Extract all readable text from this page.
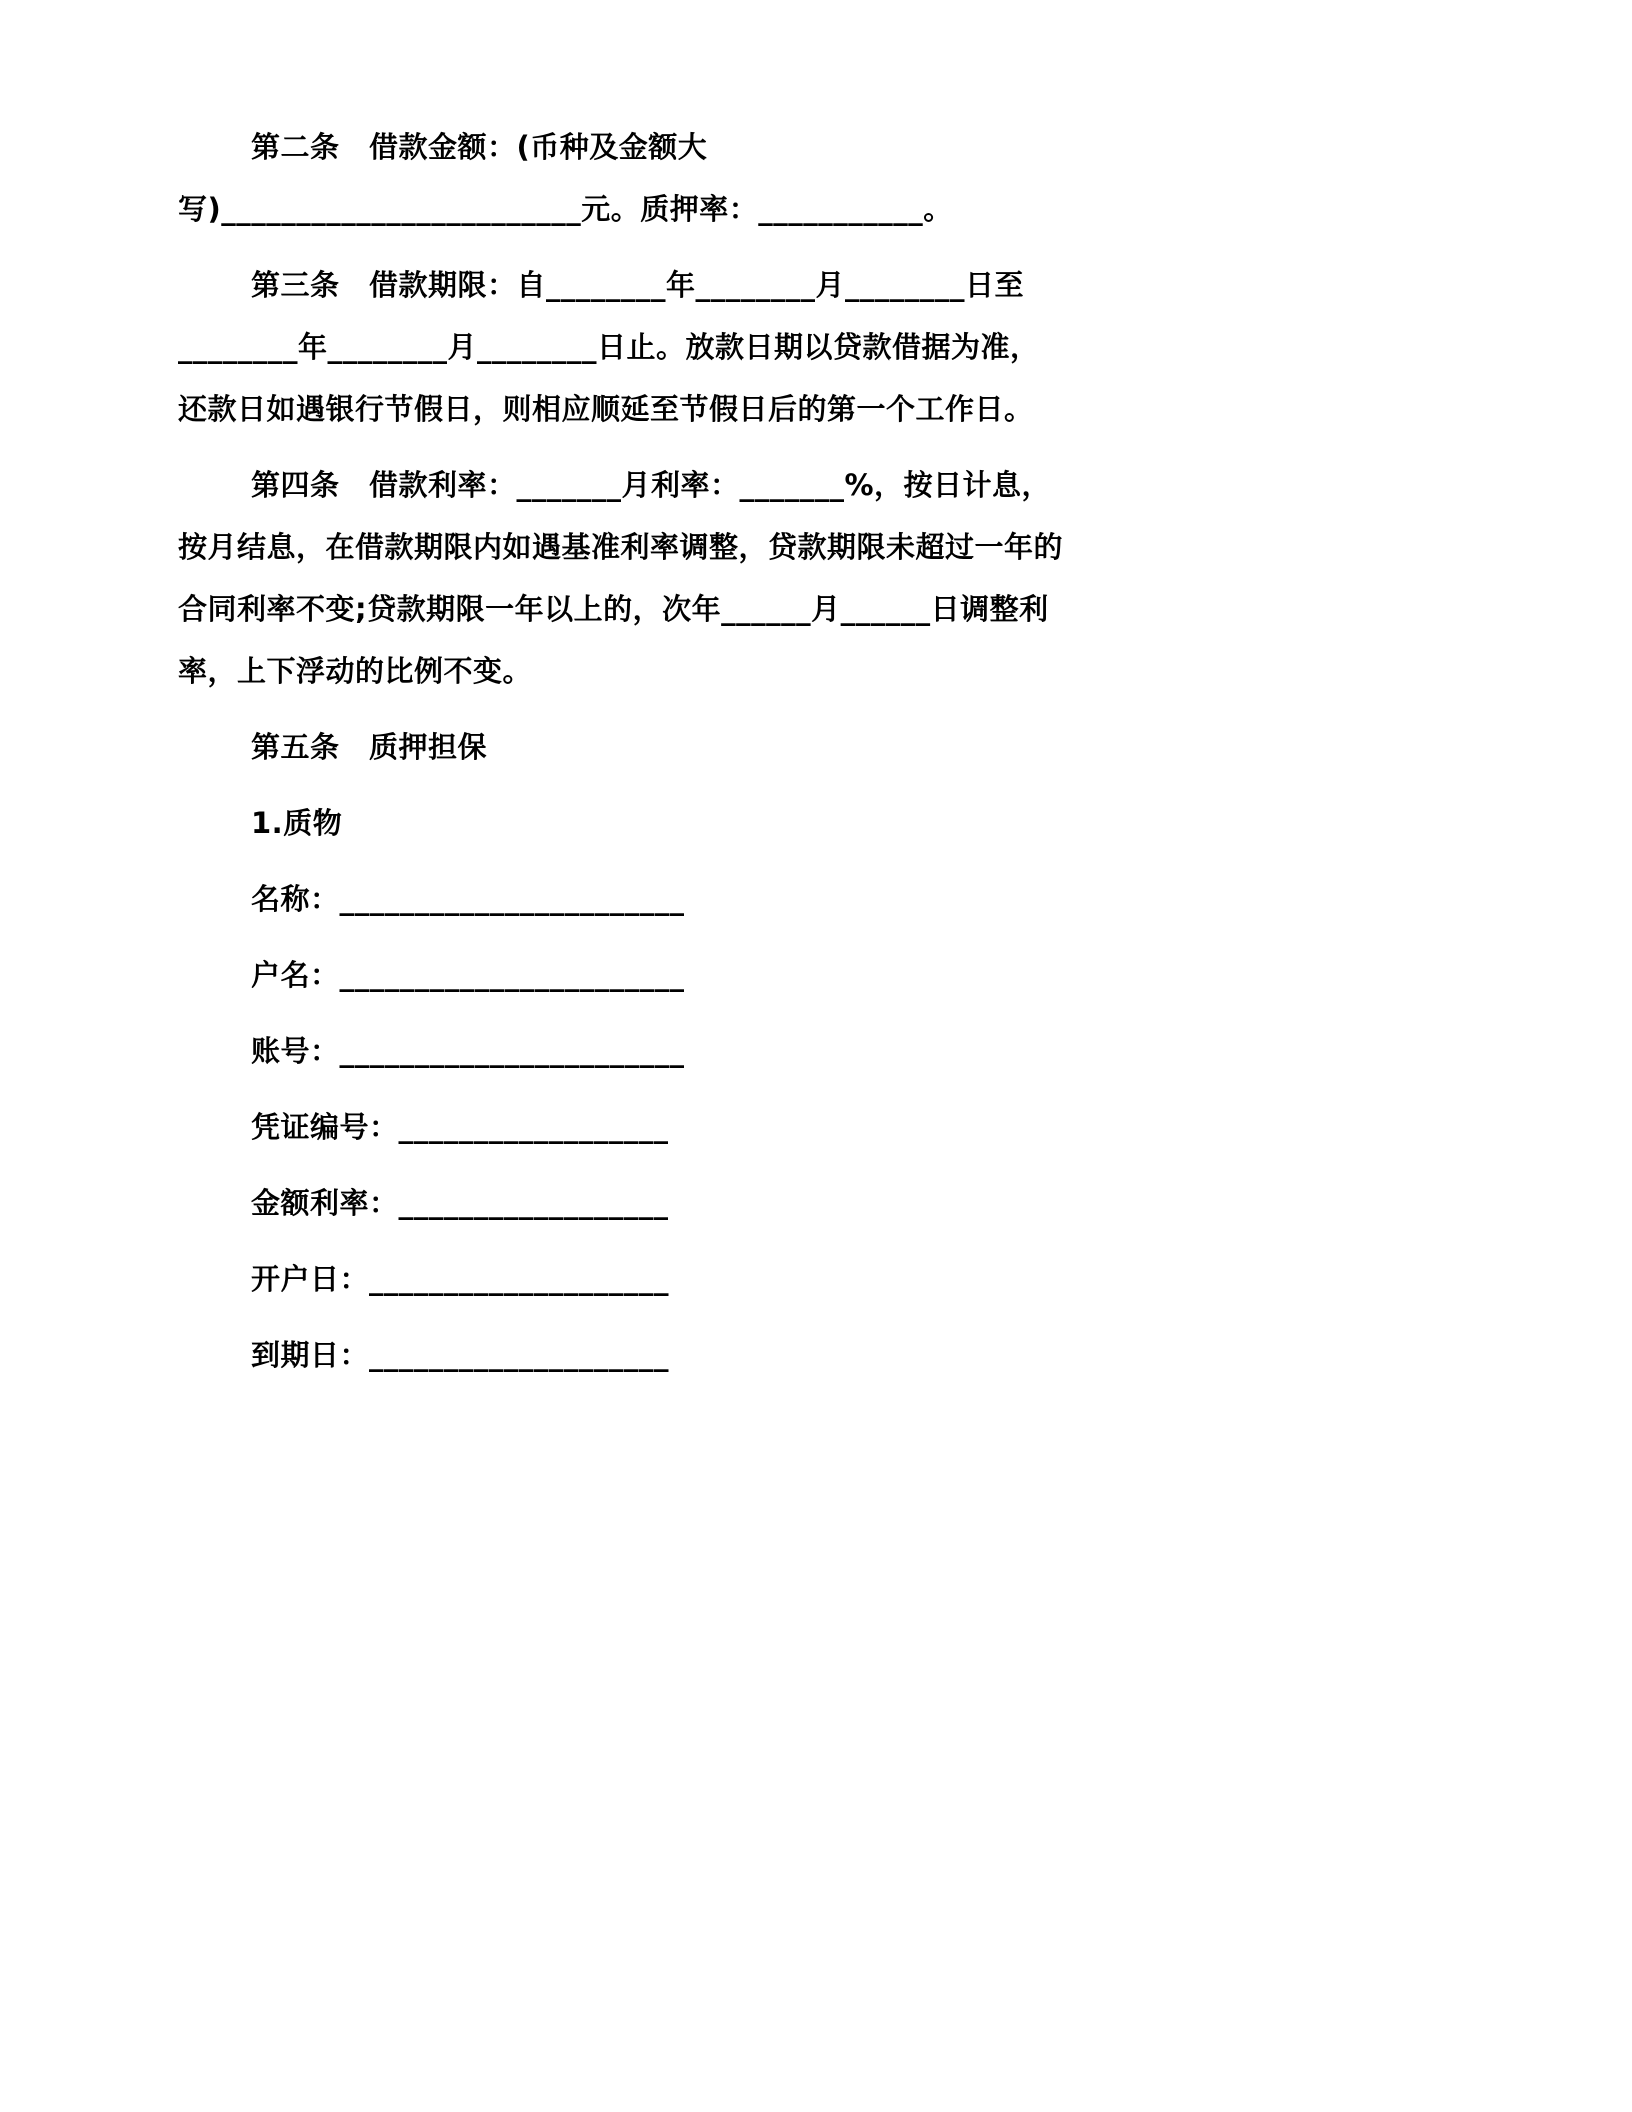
第二条　借款金额：(币种及金额大
写)________________________元。质押率：___________。

第三条　借款期限：自________年________月________日至
________年________月________日止。放款日期以贷款借据为准，
还款日如遇银行节假日，则相应顺延至节假日后的第一个工作日。

第四条　借款利率：_______月利率：_______%，按日计息，
按月结息，在借款期限内如遇基准利率调整，贷款期限未超过一年的
合同利率不变;贷款期限一年以上的，次年______月______日调整利
率，上下浮动的比例不变。

第五条　质押担保

1.质物

名称：_______________________

户名：_______________________

账号：_______________________

凭证编号：__________________

金额利率：__________________

开户日：____________________

到期日：____________________
